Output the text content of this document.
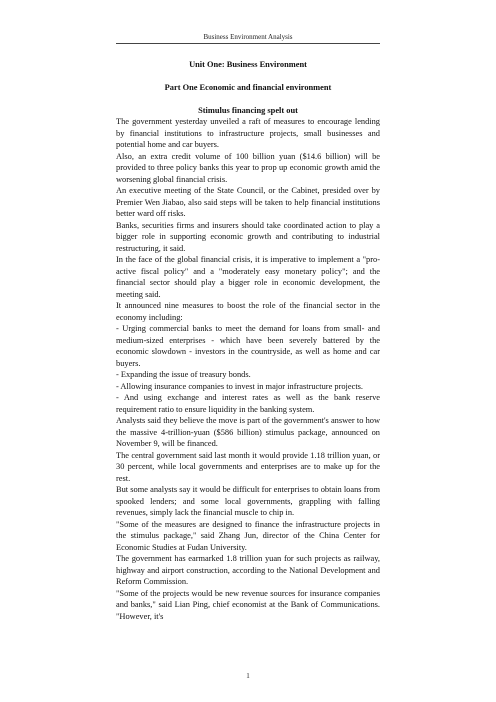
Business Environment Analysis

Unit One: Business Environment

Part One Economic and financial environment

Stimulus financing spelt out

The government yesterday unveiled a raft of measures to encourage lending by financial institutions to infrastructure projects, small businesses and potential home and car buyers.

Also, an extra credit volume of 100 billion yuan ($14.6 billion) will be provided to three policy banks this year to prop up economic growth amid the worsening global financial crisis.

An executive meeting of the State Council, or the Cabinet, presided over by Premier Wen Jiabao, also said steps will be taken to help financial institutions better ward off risks.

Banks, securities firms and insurers should take coordinated action to play a bigger role in supporting economic growth and contributing to industrial restructuring, it said.

In the face of the global financial crisis, it is imperative to implement a "pro-active fiscal policy" and a "moderately easy monetary policy"; and the financial sector should play a bigger role in economic development, the meeting said.

It announced nine measures to boost the role of the financial sector in the economy including:

- Urging commercial banks to meet the demand for loans from small- and medium-sized enterprises - which have been severely battered by the economic slowdown - investors in the countryside, as well as home and car buyers.

- Expanding the issue of treasury bonds.

- Allowing insurance companies to invest in major infrastructure projects.

- And using exchange and interest rates as well as the bank reserve requirement ratio to ensure liquidity in the banking system.

Analysts said they believe the move is part of the government's answer to how the massive 4-trillion-yuan ($586 billion) stimulus package, announced on November 9, will be financed.

The central government said last month it would provide 1.18 trillion yuan, or 30 percent, while local governments and enterprises are to make up for the rest.

But some analysts say it would be difficult for enterprises to obtain loans from spooked lenders; and some local governments, grappling with falling revenues, simply lack the financial muscle to chip in.

"Some of the measures are designed to finance the infrastructure projects in the stimulus package," said Zhang Jun, director of the China Center for Economic Studies at Fudan University.

The government has earmarked 1.8 trillion yuan for such projects as railway, highway and airport construction, according to the National Development and Reform Commission.

"Some of the projects would be new revenue sources for insurance companies and banks," said Lian Ping, chief economist at the Bank of Communications. "However, it's

1
